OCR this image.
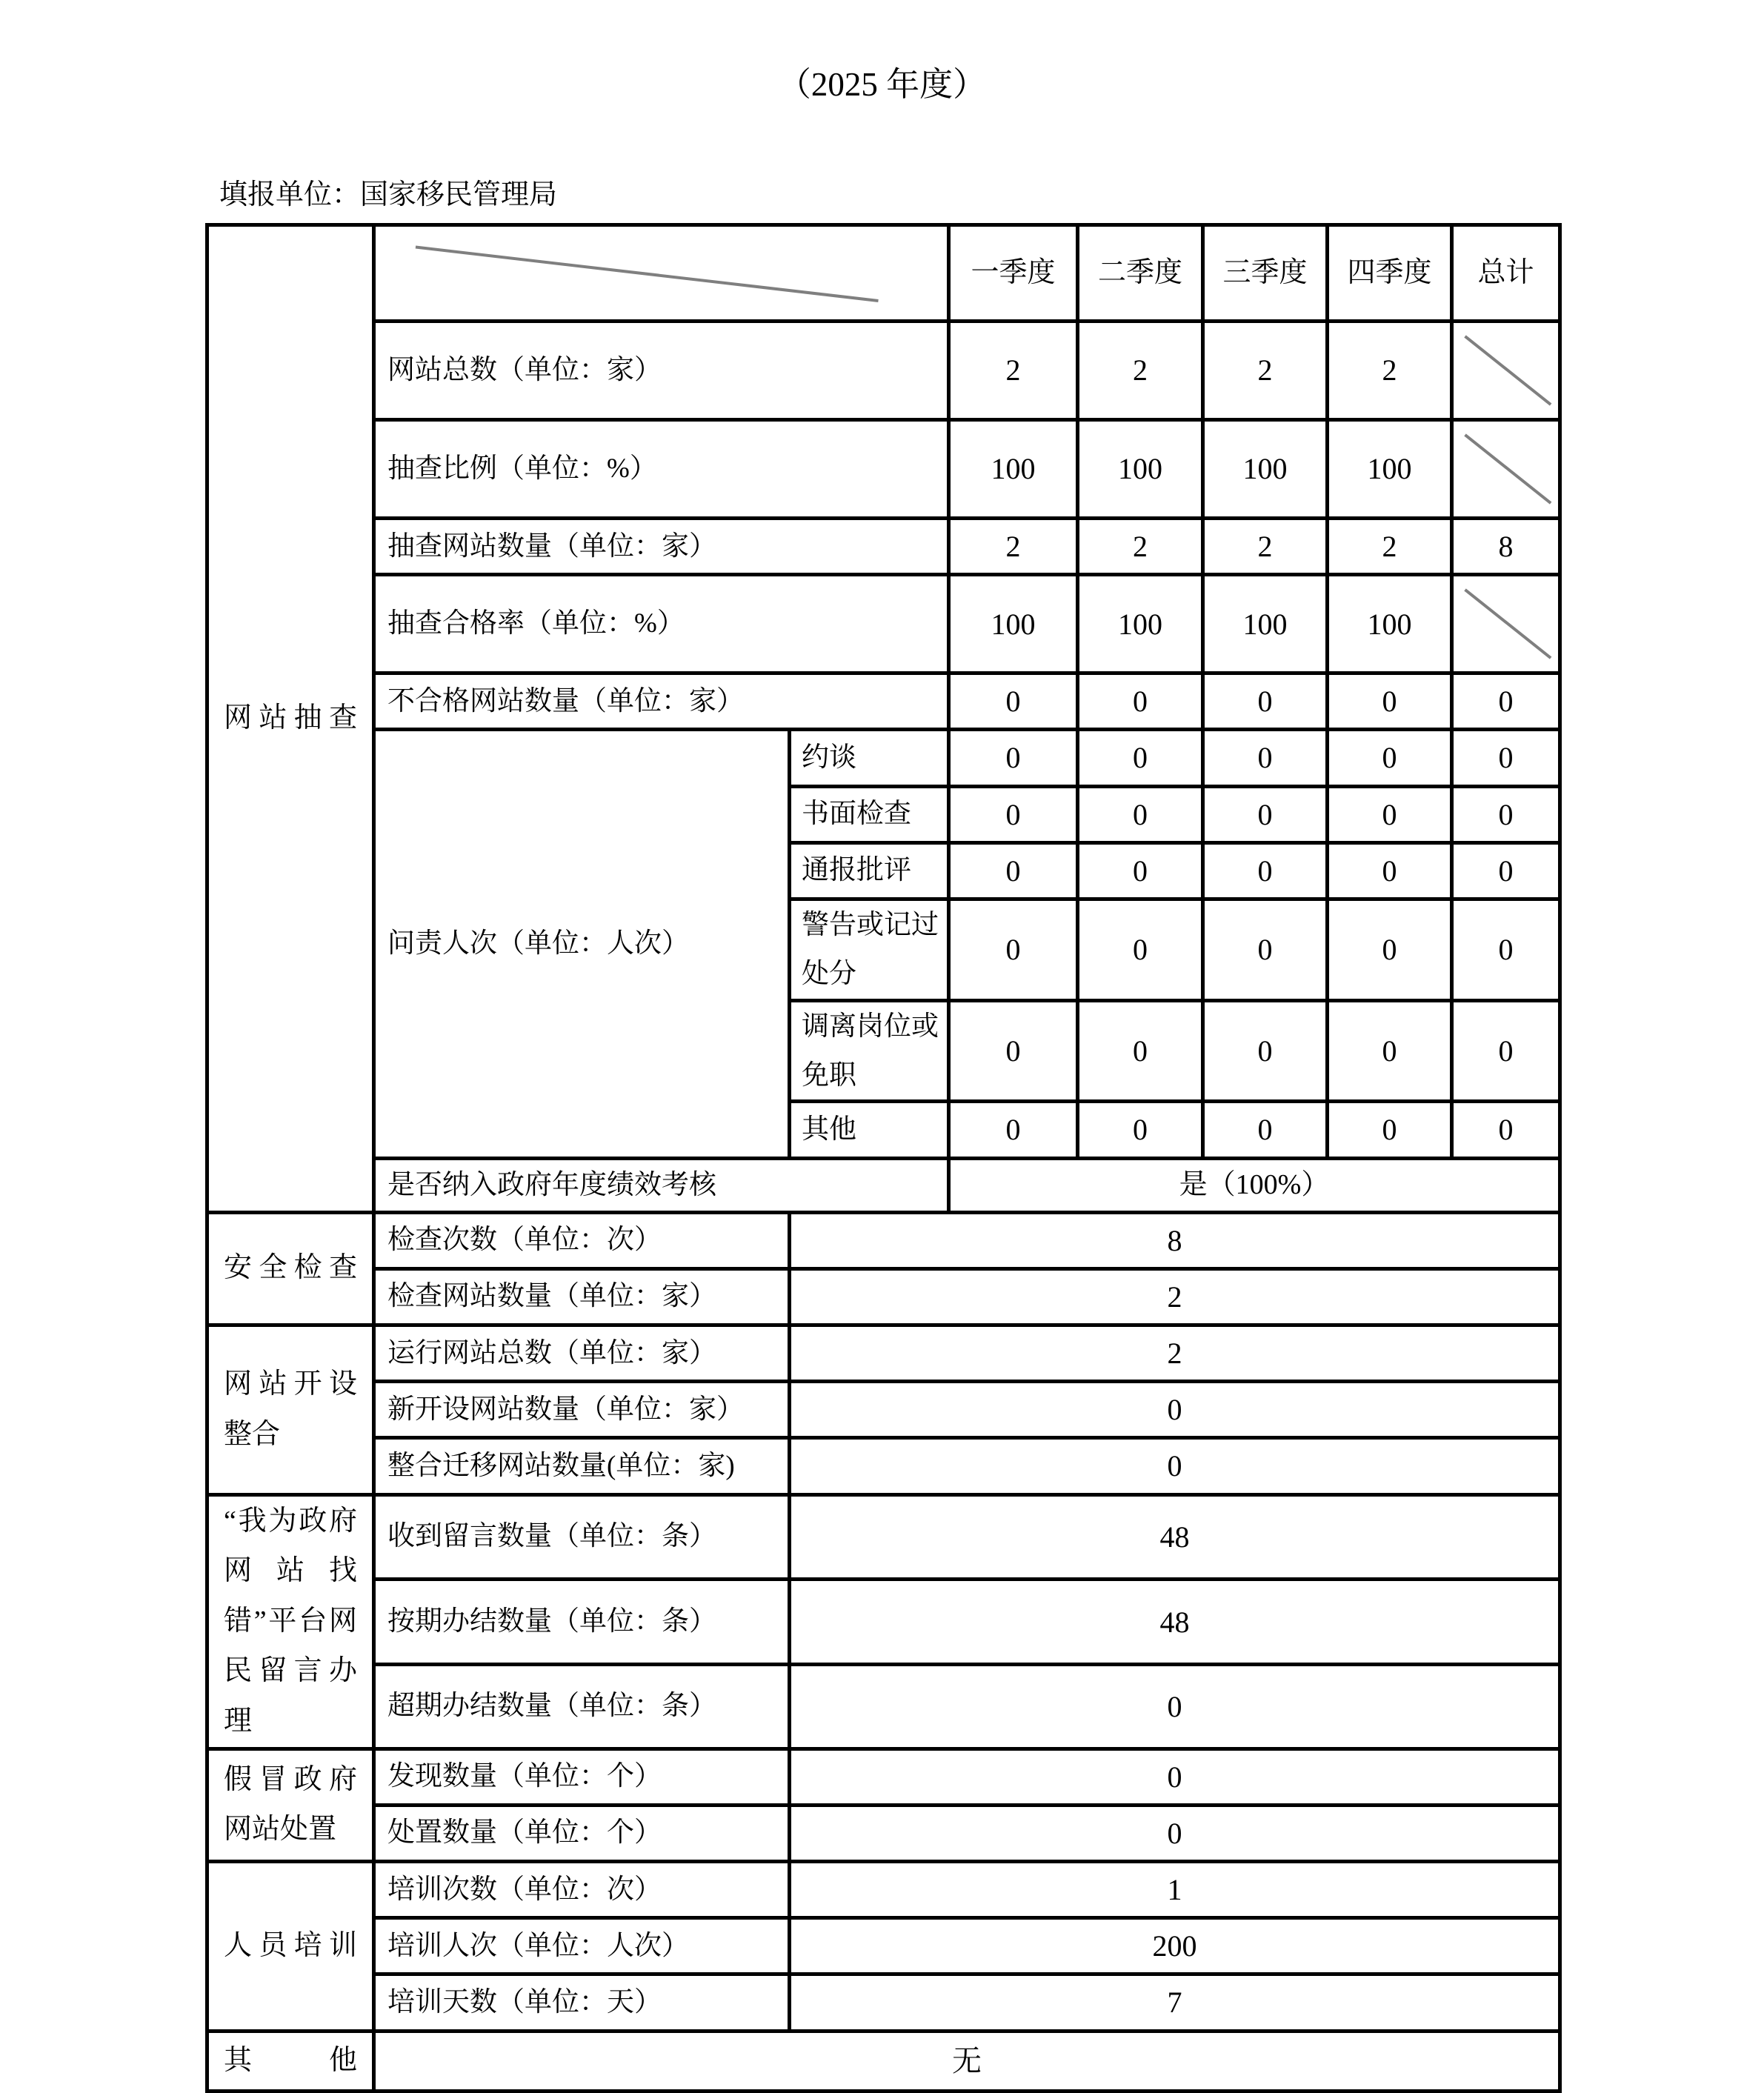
（2025 年度）
填报单位：国家移民管理局
网站抽查			一季度	二季度	三季度	四季度	总计
	网站总数（单位：家）		2	2	2	2	

	抽查比例（单位：%）		100	100	100	100	

	抽查网站数量（单位：家）		2	2	2	2	8
	抽查合格率（单位：%）		100	100	100	100	

	不合格网站数量（单位：家）		0	0	0	0	0
	问责人次（单位：人次）	约谈	0	0	0	0	0
		书面检查	0	0	0	0	0
		通报批评	0	0	0	0	0
		警告或记过处分	0	0	0	0	0
		调离岗位或免职	0	0	0	0	0
		其他	0	0	0	0	0
	是否纳入政府年度绩效考核		是（100%）				
安全检查	检查次数（单位：次）	8					
	检查网站数量（单位：家）	2					
网站开设整合	运行网站总数（单位：家）	2					
	新开设网站数量（单位：家）	0					
	整合迁移网站数量(单位：家)	0					
“我为政府网站找错”平台网民留言办理	收到留言数量（单位：条）	48					
	按期办结数量（单位：条）	48					
	超期办结数量（单位：条）	0					
假冒政府网站处置	发现数量（单位：个）	0					
	处置数量（单位：个）	0					
人员培训	培训次数（单位：次）	1					
	培训人次（单位：人次）	200					
	培训天数（单位：天）	7					
其他	无						
